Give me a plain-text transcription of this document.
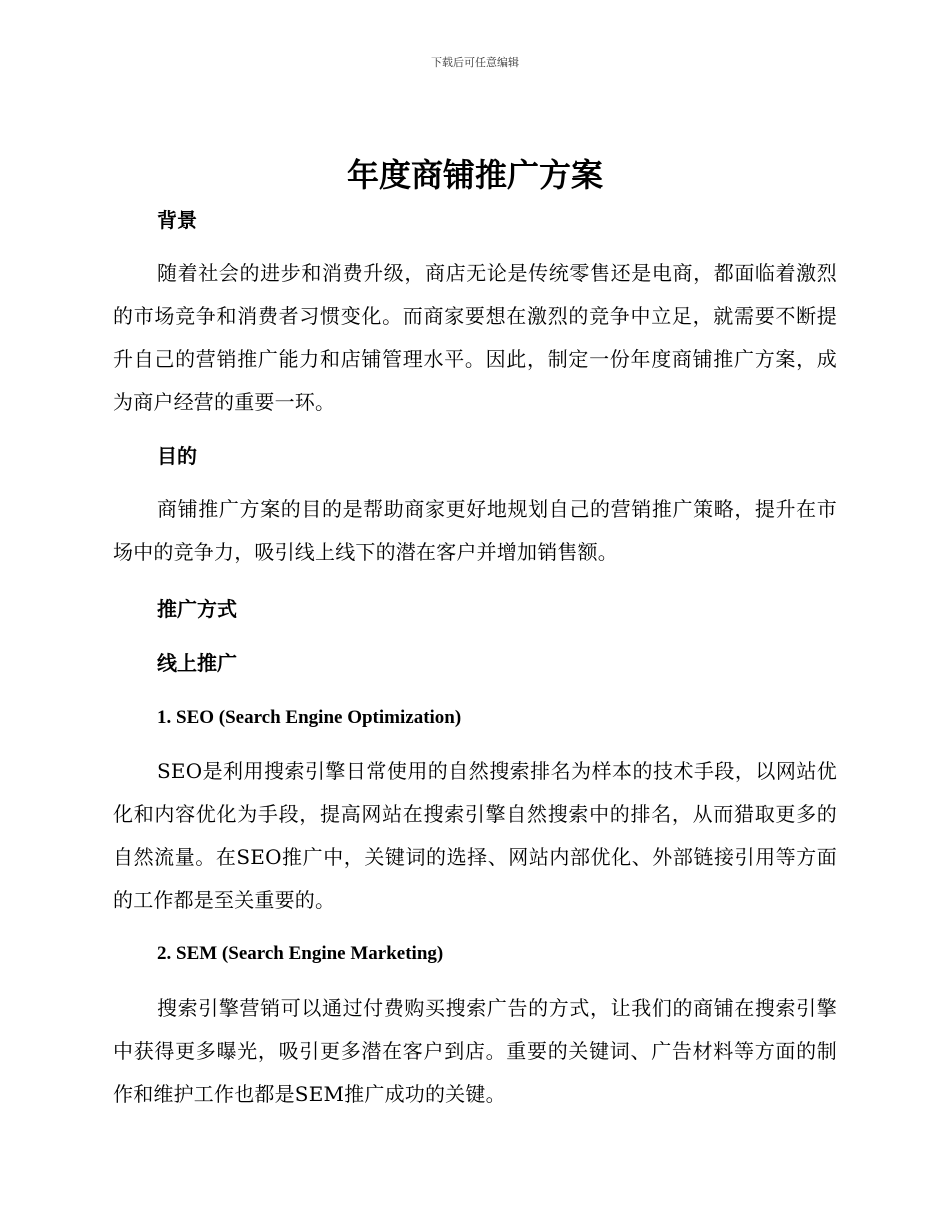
下载后可任意编辑
年度商铺推广方案
背景

随着社会的进步和消费升级，商店无论是传统零售还是电商，都面临着激烈的市场竞争和消费者习惯变化。而商家要想在激烈的竞争中立足，就需要不断提升自己的营销推广能力和店铺管理水平。因此，制定一份年度商铺推广方案，成为商户经营的重要一环。

目的

商铺推广方案的目的是帮助商家更好地规划自己的营销推广策略，提升在市场中的竞争力，吸引线上线下的潜在客户并增加销售额。

推广方式
线上推广
1. SEO (Search Engine Optimization)

SEO是利用搜索引擎日常使用的自然搜索排名为样本的技术手段，以网站优化和内容优化为手段，提高网站在搜索引擎自然搜索中的排名，从而猎取更多的自然流量。在SEO推广中，关键词的选择、网站内部优化、外部链接引用等方面的工作都是至关重要的。

2. SEM (Search Engine Marketing)

搜索引擎营销可以通过付费购买搜索广告的方式，让我们的商铺在搜索引擎中获得更多曝光，吸引更多潜在客户到店。重要的关键词、广告材料等方面的制作和维护工作也都是SEM推广成功的关键。
